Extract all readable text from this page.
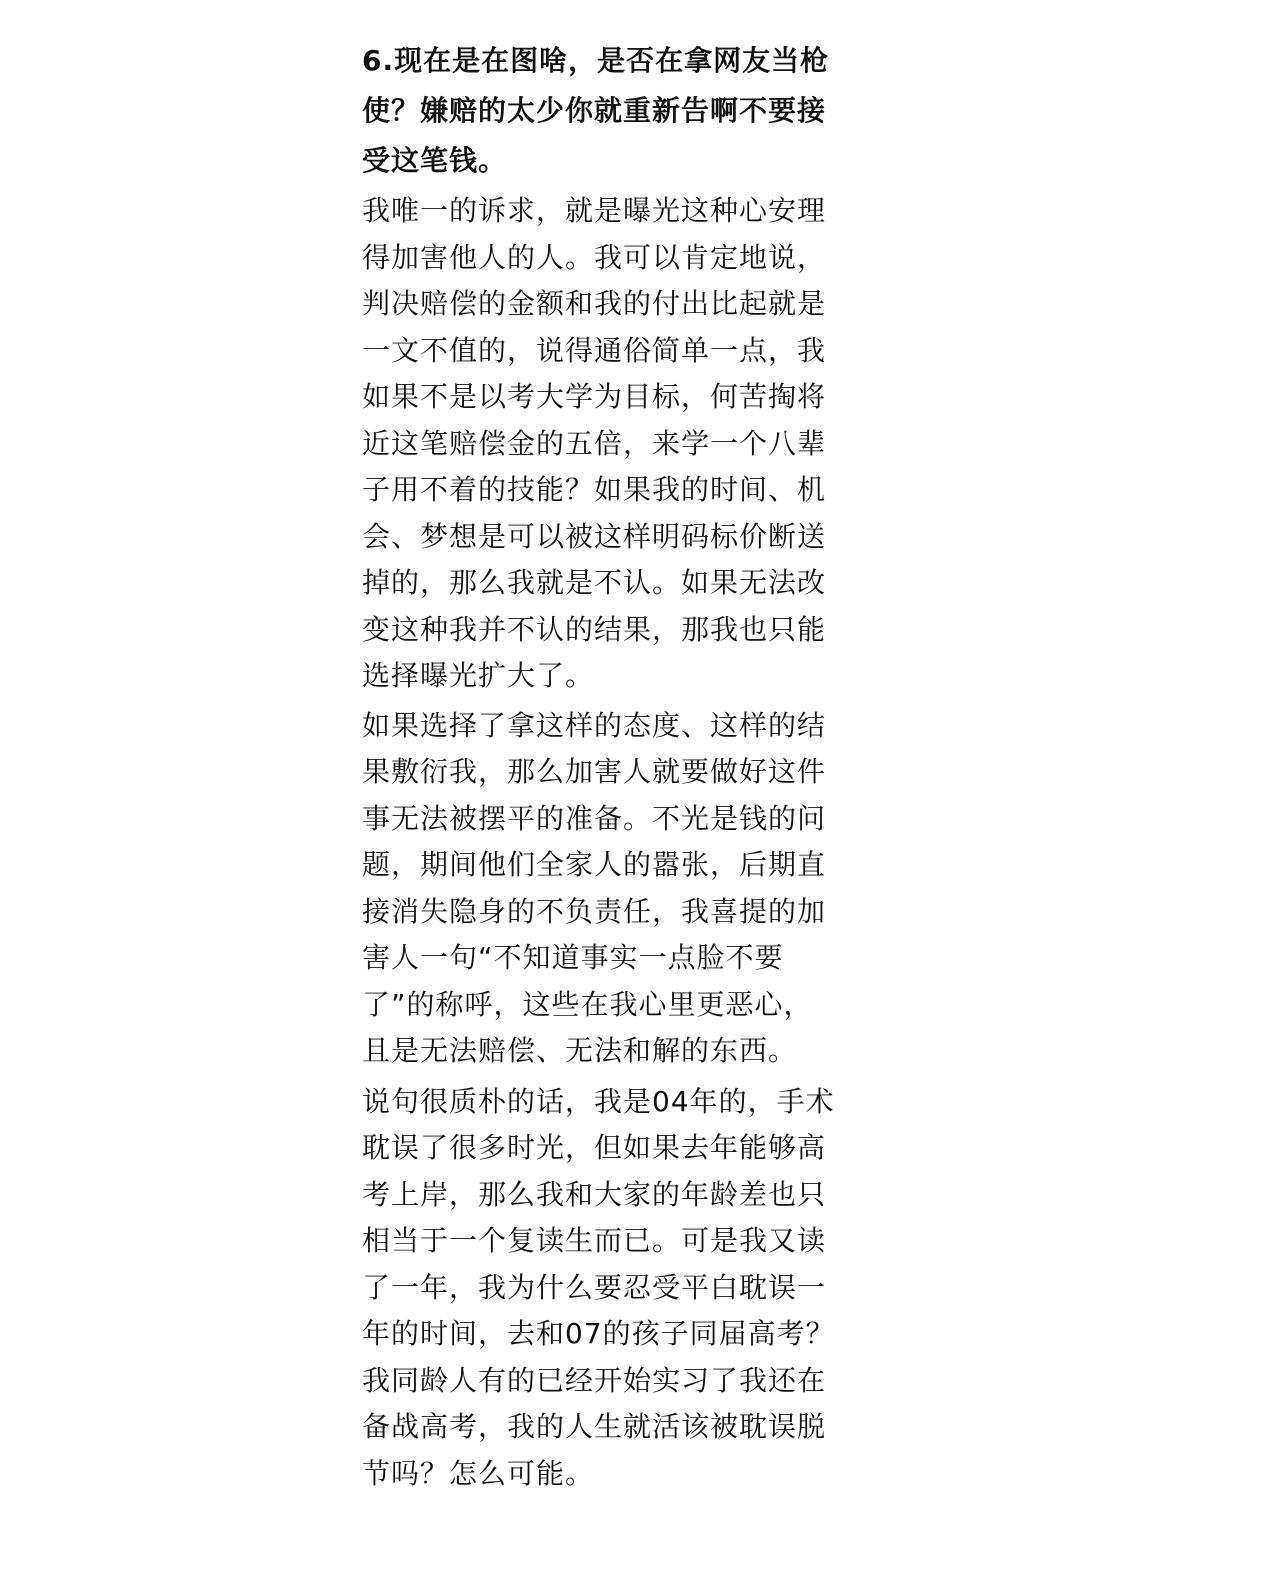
6.现在是在图啥，是否在拿网友当枪
使？嫌赔的太少你就重新告啊不要接
受这笔钱。
我唯一的诉求，就是曝光这种心安理
得加害他人的人。我可以肯定地说，
判决赔偿的金额和我的付出比起就是
一文不值的，说得通俗简单一点，我
如果不是以考大学为目标，何苦掏将
近这笔赔偿金的五倍，来学一个八辈
子用不着的技能？如果我的时间、机
会、梦想是可以被这样明码标价断送
掉的，那么我就是不认。如果无法改
变这种我并不认的结果，那我也只能
选择曝光扩大了。
如果选择了拿这样的态度、这样的结
果敷衍我，那么加害人就要做好这件
事无法被摆平的准备。不光是钱的问
题，期间他们全家人的嚣张，后期直
接消失隐身的不负责任，我喜提的加
害人一句“不知道事实一点脸不要
了”的称呼，这些在我心里更恶心，
且是无法赔偿、无法和解的东西。
说句很质朴的话，我是04年的，手术
耽误了很多时光，但如果去年能够高
考上岸，那么我和大家的年龄差也只
相当于一个复读生而已。可是我又读
了一年，我为什么要忍受平白耽误一
年的时间，去和07的孩子同届高考？
我同龄人有的已经开始实习了我还在
备战高考，我的人生就活该被耽误脱
节吗？怎么可能。
